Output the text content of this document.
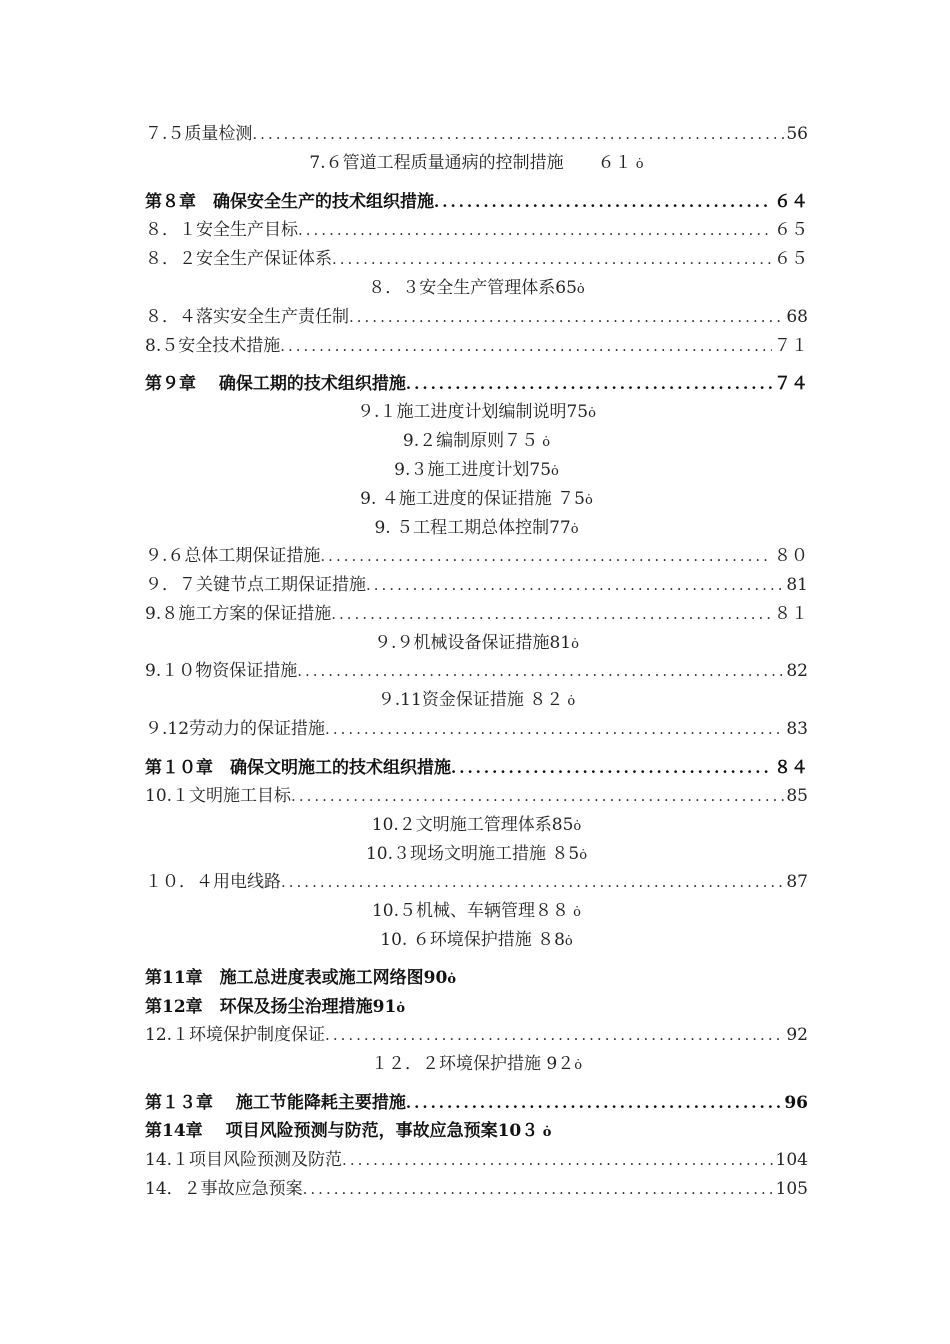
７.５质量检测 .....	56
7.６管道工程质量通病的控制措施　　６１ ȯ
第８章　确保安全生产的技术组织措施 .....	６４
８．１安全生产目标 .....	６５
８．２安全生产保证体系 .....	６５
８．３安全生产管理体系65ȯ
８．４落实安全生产责任制 .....	68
8.５安全技术措施 .....	７１
第９章　 确保工期的技术组织措施 .....	７４
９.１施工进度计划编制说明75ȯ
9.２编制原则７５ ȯ
9.３施工进度计划75ȯ
9. ４施工进度的保证措施 ７5ȯ
9. ５工程工期总体控制77ȯ
９.６总体工期保证措施 .....	８０
９．７关键节点工期保证措施 .....	81
9.８施工方案的保证措施 .....	８１
９.９机械设备保证措施81ȯ
9.１０物资保证措施 .....	82
９.11资金保证措施 ８２ ȯ
９.12劳动力的保证措施 .....	83
第１０章　确保文明施工的技术组织措施 .....	８４
10.１文明施工目标 .....	85
10.２文明施工管理体系85ȯ
10.３现场文明施工措施 ８5ȯ
１０．４用电线路 .....	87
10.５机械、车辆管理８８ ȯ
10. ６环境保护措施 ８8ȯ
第11章　施工总进度表或施工网络图90ȯ
第12章　环保及扬尘治理措施91ȯ
12.１环境保护制度保证 .....	92
１２．２环境保护措施 9２ȯ
第１３章　 施工节能降耗主要措施 .....	96
第14章　 项目风险预测与防范，事故应急预案10３ ȯ
14.１项目风险预测及防范 .....	104
14．２事故应急预案 .....	105
